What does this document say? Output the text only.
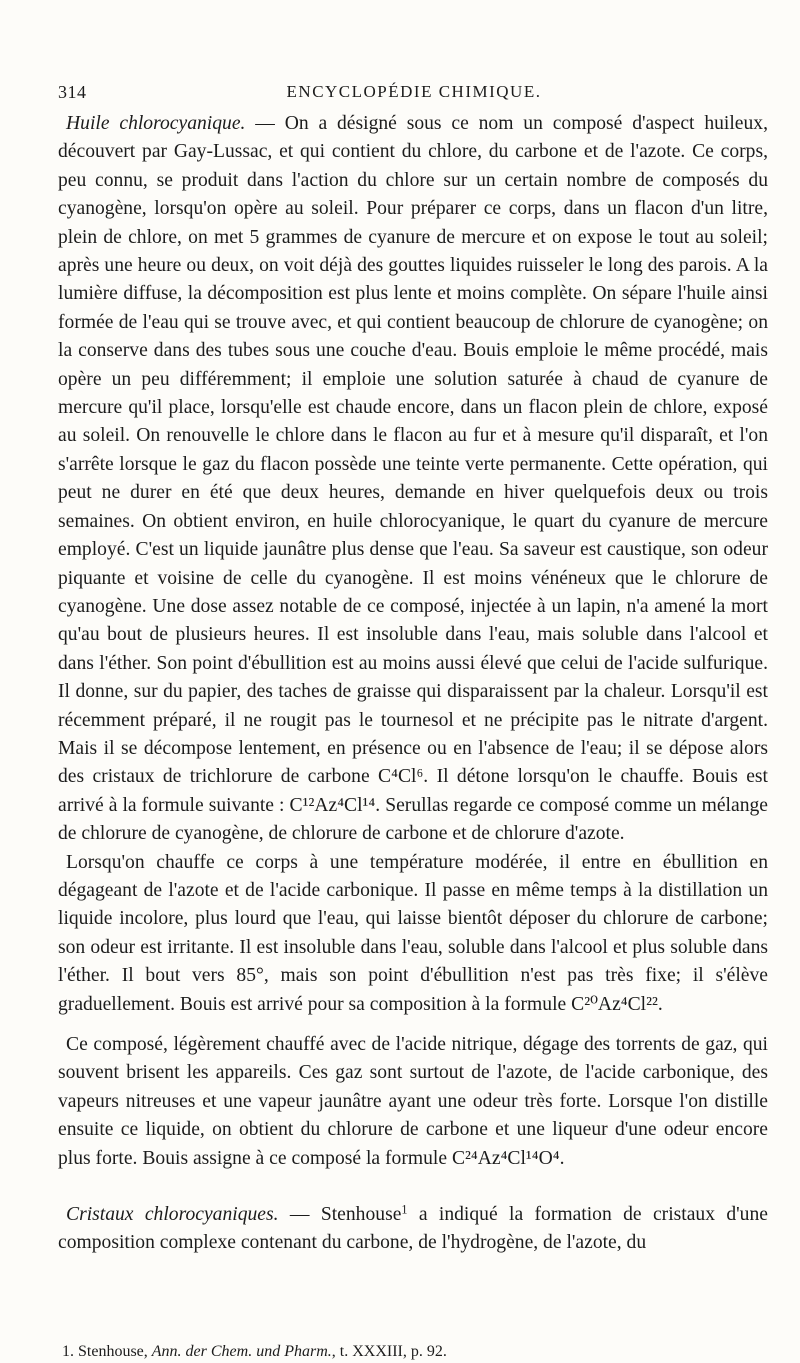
314	ENCYCLOPÉDIE CHIMIQUE.

Huile chlorocyanique. — On a désigné sous ce nom un composé d'aspect huileux, découvert par Gay-Lussac, et qui contient du chlore, du carbone et de l'azote. Ce corps, peu connu, se produit dans l'action du chlore sur un certain nombre de composés du cyanogène, lorsqu'on opère au soleil. Pour préparer ce corps, dans un flacon d'un litre, plein de chlore, on met 5 grammes de cyanure de mercure et on expose le tout au soleil; après une heure ou deux, on voit déjà des gouttes liquides ruisseler le long des parois. A la lumière diffuse, la décomposition est plus lente et moins complète. On sépare l'huile ainsi formée de l'eau qui se trouve avec, et qui contient beaucoup de chlorure de cyanogène; on la conserve dans des tubes sous une couche d'eau. Bouis emploie le même procédé, mais opère un peu différemment; il emploie une solution saturée à chaud de cyanure de mercure qu'il place, lorsqu'elle est chaude encore, dans un flacon plein de chlore, exposé au soleil. On renouvelle le chlore dans le flacon au fur et à mesure qu'il disparaît, et l'on s'arrête lorsque le gaz du flacon possède une teinte verte permanente. Cette opération, qui peut ne durer en été que deux heures, demande en hiver quelquefois deux ou trois semaines. On obtient environ, en huile chlorocyanique, le quart du cyanure de mercure employé. C'est un liquide jaunâtre plus dense que l'eau. Sa saveur est caustique, son odeur piquante et voisine de celle du cyanogène. Il est moins vénéneux que le chlorure de cyanogène. Une dose assez notable de ce composé, injectée à un lapin, n'a amené la mort qu'au bout de plusieurs heures. Il est insoluble dans l'eau, mais soluble dans l'alcool et dans l'éther. Son point d'ébullition est au moins aussi élevé que celui de l'acide sulfurique. Il donne, sur du papier, des taches de graisse qui disparaissent par la chaleur. Lorsqu'il est récemment préparé, il ne rougit pas le tournesol et ne précipite pas le nitrate d'argent. Mais il se décompose lentement, en présence ou en l'absence de l'eau; il se dépose alors des cristaux de trichlorure de carbone C⁴Cl⁶. Il détone lorsqu'on le chauffe. Bouis est arrivé à la formule suivante : C¹²Az⁴Cl¹⁴. Serullas regarde ce composé comme un mélange de chlorure de cyanogène, de chlorure de carbone et de chlorure d'azote.

Lorsqu'on chauffe ce corps à une température modérée, il entre en ébullition en dégageant de l'azote et de l'acide carbonique. Il passe en même temps à la distillation un liquide incolore, plus lourd que l'eau, qui laisse bientôt déposer du chlorure de carbone; son odeur est irritante. Il est insoluble dans l'eau, soluble dans l'alcool et plus soluble dans l'éther. Il bout vers 85°, mais son point d'ébullition n'est pas très fixe; il s'élève graduellement. Bouis est arrivé pour sa composition à la formule C²⁰Az⁴Cl²².

Ce composé, légèrement chauffé avec de l'acide nitrique, dégage des torrents de gaz, qui souvent brisent les appareils. Ces gaz sont surtout de l'azote, de l'acide carbonique, des vapeurs nitreuses et une vapeur jaunâtre ayant une odeur très forte. Lorsque l'on distille ensuite ce liquide, on obtient du chlorure de carbone et une liqueur d'une odeur encore plus forte. Bouis assigne à ce composé la formule C²⁴Az⁴Cl¹⁴O⁴.

Cristaux chlorocyaniques. — Stenhouse$^1$ a indiqué la formation de cristaux d'une composition complexe contenant du carbone, de l'hydrogène, de l'azote, du

1. Stenhouse, Ann. der Chem. und Pharm., t. XXXIII, p. 92.
